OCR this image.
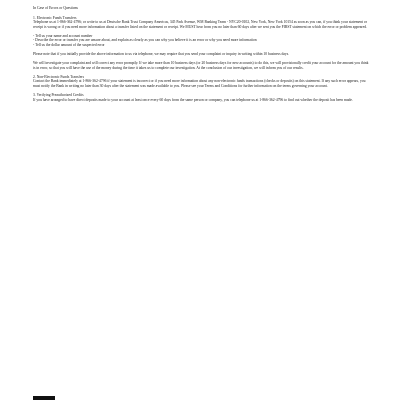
In Case of Errors or Questions

1. Electronic Funds Transfers

Telephone us at 1-866-362-4796; or write to us at Deutsche Bank Trust Company Americas, 345 Park Avenue, WM Banking Team - NYC20-0102, New York, New York 10154 as soon as you can, if you think your statement or receipt is wrong or if you need more information about a transfer listed on the statement or receipt. We MUST hear from you no later than 60 days after we sent you the FIRST statement on which the error or problem appeared.

- Tell us your name and account number
- Describe the error or transfer you are unsure about, and explain as clearly as you can why you believe it is an error or why you need more information
- Tell us the dollar amount of the suspected error

Please note that if you initially provide the above information to us via telephone, we may require that you send your complaint or inquiry in writing within 10 business days.

We will investigate your complaint and will correct any error promptly. If we take more than 10 business days (or 20 business days for new accounts) to do this, we will provisionally credit your account for the amount you think is in error, so that you will have the use of the money during the time it takes us to complete our investigation. At the conclusion of our investigation, we will inform you of our results.

2. Non-Electronic Funds Transfers

Contact the Bank immediately at 1-866-362-4796 if your statement is incorrect or if you need more information about any non-electronic funds transactions (checks or deposits) on this statement. If any such error appears, you must notify the Bank in writing no later than 30 days after the statement was made available to you. Please see your Terms and Conditions for further information on the terms governing your account.

3. Verifying Preauthorized Credits

If you have arranged to have direct deposits made to your account at least once every 60 days from the same person or company, you can telephone us at 1-866-362-4796 to find out whether the deposit has been made.
